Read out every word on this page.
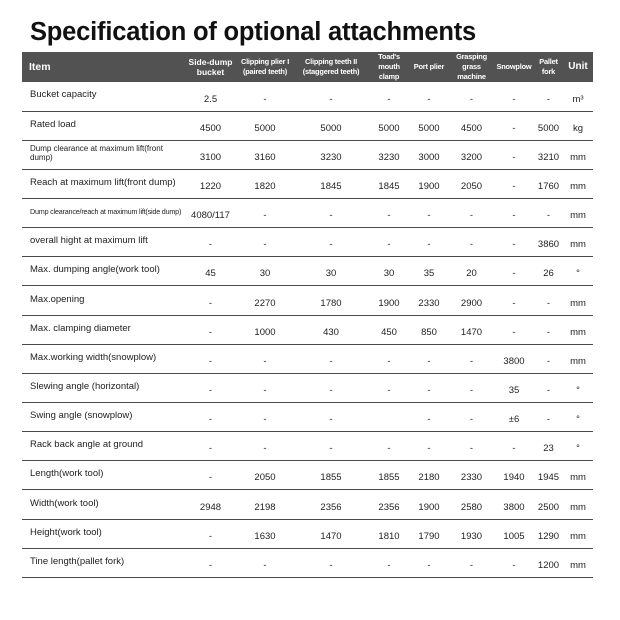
Specification of optional attachments
Item	Side-dump bucket	Clipping plier I (paired teeth)	Clipping teeth II (staggered teeth)	Toad's mouth clamp	Port plier	Grasping grass machine	Snowplow	Pallet fork	Unit
Bucket capacity	2.5	-	-	-	-	-	-	-	m³
Rated load	4500	5000	5000	5000	5000	4500	-	5000	kg
Dump clearance at maximum lift(front dump)	3100	3160	3230	3230	3000	3200	-	3210	mm
Reach at maximum lift(front dump)	1220	1820	1845	1845	1900	2050	-	1760	mm
Dump clearance/reach at maximum lift(side dump)	4080/117	-	-	-	-	-	-	-	mm
overall hight at maximum lift	-	-	-	-	-	-	-	3860	mm
Max. dumping angle(work tool)	45	30	30	30	35	20	-	26	°
Max.opening	-	2270	1780	1900	2330	2900	-	-	mm
Max. clamping diameter	-	1000	430	450	850	1470	-	-	mm
Max.working width(snowplow)	-	-	-	-	-	-	3800	-	mm
Slewing angle (horizontal)	-	-	-	-	-	-	35	-	°
Swing angle (snowplow)	-	-	-		-	-	±6	-	°
Rack back angle at ground	-	-	-	-	-	-	-	23	°
Length(work tool)	-	2050	1855	1855	2180	2330	1940	1945	mm
Width(work tool)	2948	2198	2356	2356	1900	2580	3800	2500	mm
Height(work tool)	-	1630	1470	1810	1790	1930	1005	1290	mm
Tine length(pallet fork)	-	-	-	-	-	-	-	1200	mm
